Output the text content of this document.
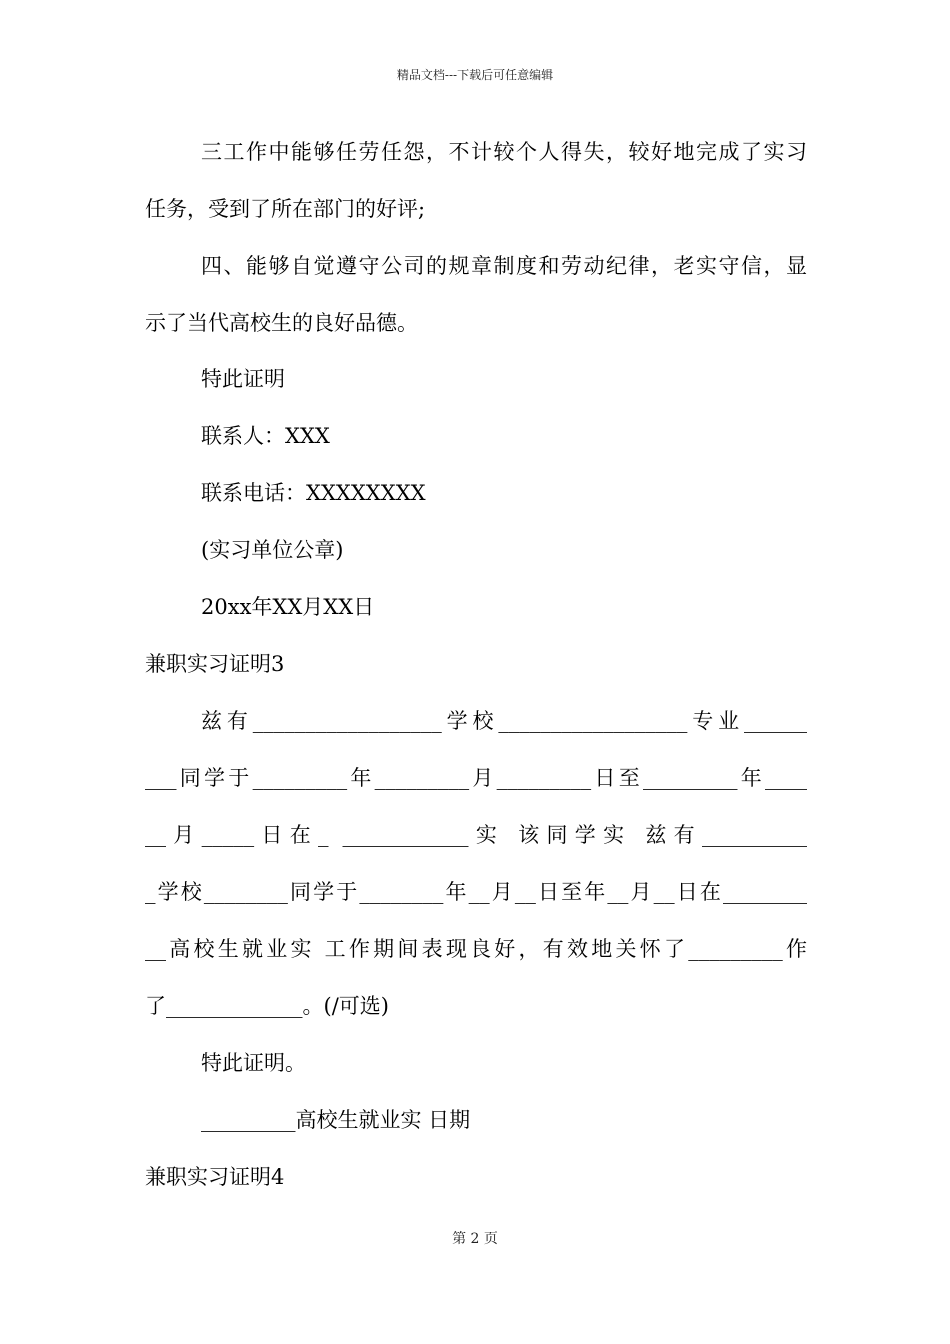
精品文档---下载后可任意编辑
三工作中能够任劳任怨，不计较个人得失，较好地完成了实习
任务，受到了所在部门的好评;
四、能够自觉遵守公司的规章制度和劳动纪律，老实守信，显
示了当代高校生的良好品德。
特此证明
联系人：XXX
联系电话：XXXXXXXX
(实习单位公章)
20xx年XX月XX日
兼职实习证明3
兹有__________________学校__________________专业______
___同学于_________年_________月_________日至_________年____
__月_____日在_ ____________实 该同学实 兹有__________
_学校________同学于________年__月__日至年__月__日在________
__高校生就业实 工作期间表现良好，有效地关怀了_________作
了_____________。(/可选)
特此证明。
_________高校生就业实 日期
兼职实习证明4
第 2 页
